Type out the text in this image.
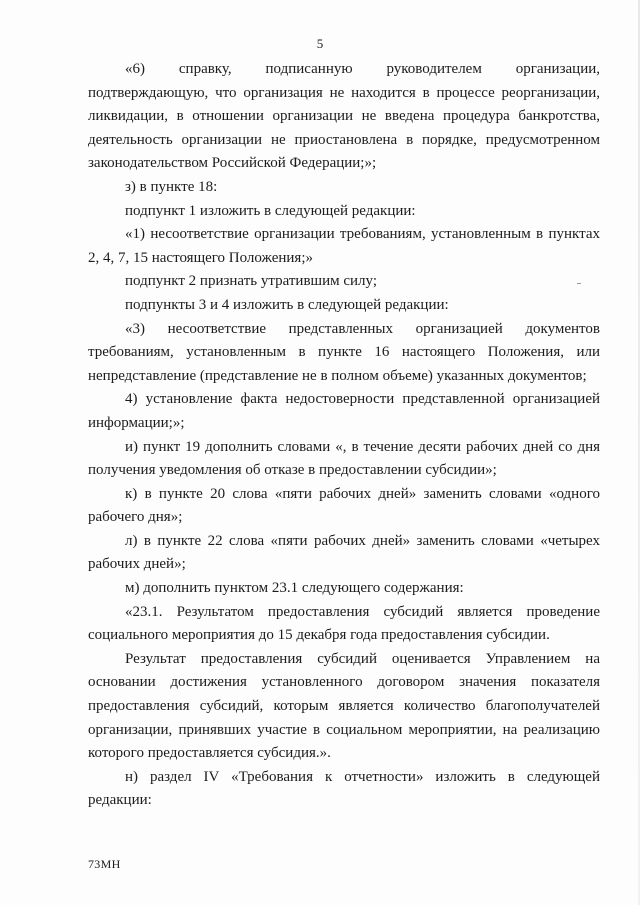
5

«6) справку, подписанную руководителем организации, подтверждающую, что организация не находится в процессе реорганизации, ликвидации, в отношении организации не введена процедура банкротства, деятельность организации не приостановлена в порядке, предусмотренном законодательством Российской Федерации;»;

з) в пункте 18:

подпункт 1 изложить в следующей редакции:

«1) несоответствие организации требованиям, установленным в пунктах 2, 4, 7, 15 настоящего Положения;»

подпункт 2 признать утратившим силу;

подпункты 3 и 4 изложить в следующей редакции:

«3) несоответствие представленных организацией документов требованиям, установленным в пункте 16 настоящего Положения, или непредставление (представление не в полном объеме) указанных документов;

4) установление факта недостоверности представленной организацией информации;»;

и) пункт 19 дополнить словами «, в течение десяти рабочих дней со дня получения уведомления об отказе в предоставлении субсидии»;

к) в пункте 20 слова «пяти рабочих дней» заменить словами «одного рабочего дня»;

л) в пункте 22 слова «пяти рабочих дней» заменить словами «четырех рабочих дней»;

м) дополнить пунктом 23.1 следующего содержания:

«23.1. Результатом предоставления субсидий является проведение социального мероприятия до 15 декабря года предоставления субсидии.

Результат предоставления субсидий оценивается Управлением на основании достижения установленного договором значения показателя предоставления субсидий, которым является количество благополучателей организации, принявших участие в социальном мероприятии, на реализацию которого предоставляется субсидия.».

н) раздел IV «Требования к отчетности» изложить в следующей редакции:

73МН
